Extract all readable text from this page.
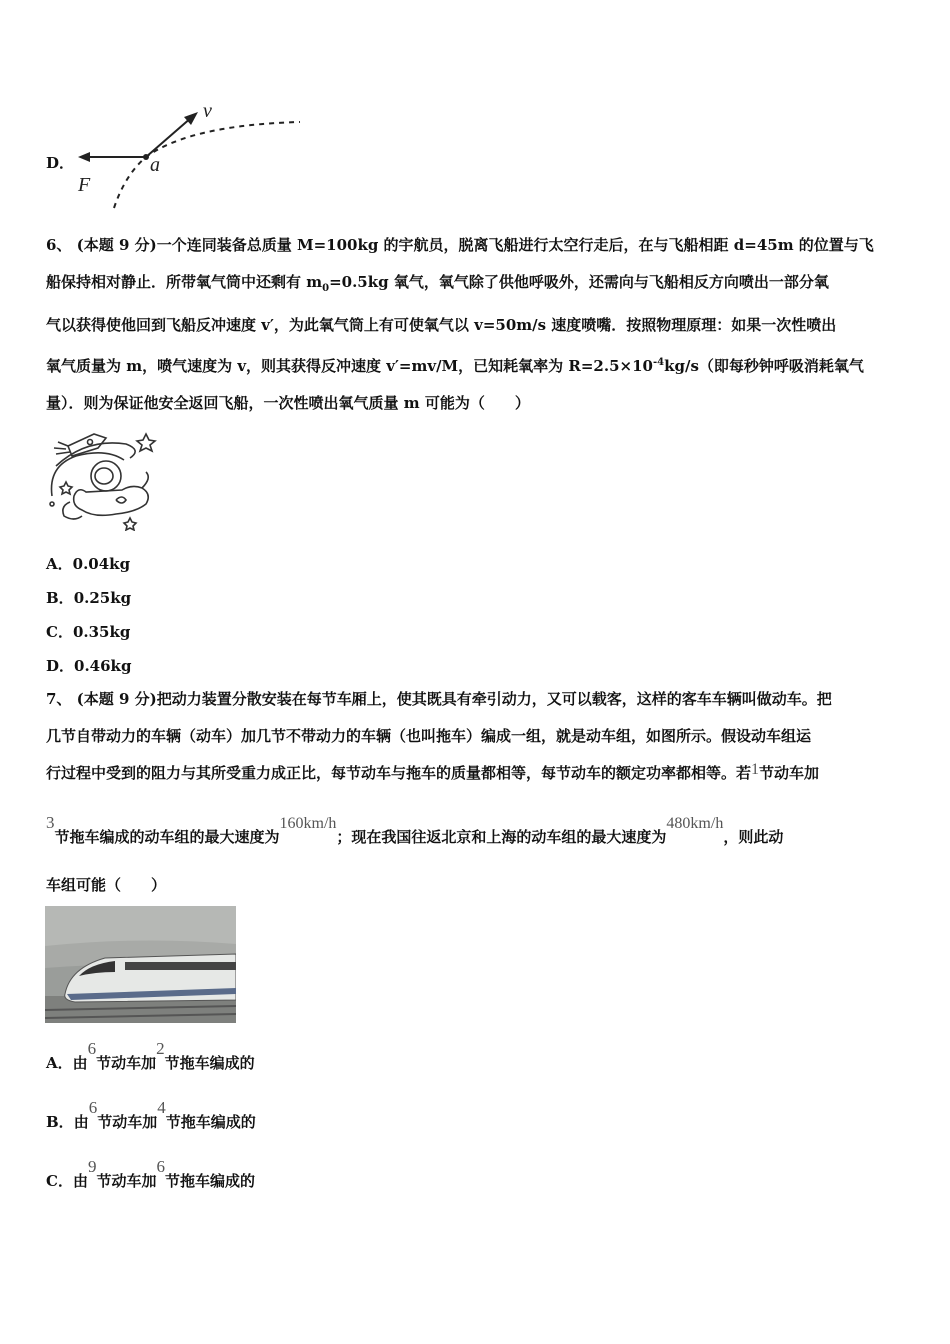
D．
v
a
F
6、 (本题 9 分)一个连同装备总质量 M=100kg 的宇航员，脱离飞船进行太空行走后，在与飞船相距 d=45m 的位置与飞
船保持相对静止．所带氧气筒中还剩有 $m_0=0.5kg$ 氧气，氧气除了供他呼吸外，还需向与飞船相反方向喷出一部分氧
气以获得使他回到飞船反冲速度 v′，为此氧气筒上有可使氧气以 v=50m/s 速度喷嘴．按照物理原理：如果一次性喷出
氧气质量为 m，喷气速度为 v，则其获得反冲速度 v′=mv/M，已知耗氧率为 $R=2.5\times 10^{-4}kg/s$（即每秒钟呼吸消耗氧气
量）．则为保证他安全返回飞船，一次性喷出氧气质量 m 可能为（　　）
A．0.04kg
B．0.25kg
C．0.35kg
D．0.46kg
7、 (本题 9 分)把动力装置分散安装在每节车厢上，使其既具有牵引动力，又可以载客，这样的客车车辆叫做动车。把
几节自带动力的车辆（动车）加几节不带动力的车辆（也叫拖车）编成一组，就是动车组，如图所示。假设动车组运
行过程中受到的阻力与其所受重力成正比，每节动车与拖车的质量都相等，每节动车的额定功率都相等。若1节动车加
3节拖车编成的动车组的最大速度为160km/h；现在我国往返北京和上海的动车组的最大速度为480km/h，则此动
车组可能（　　）
A．由6节动车加2节拖车编成的
B．由6节动车加4节拖车编成的
C．由9节动车加6节拖车编成的
